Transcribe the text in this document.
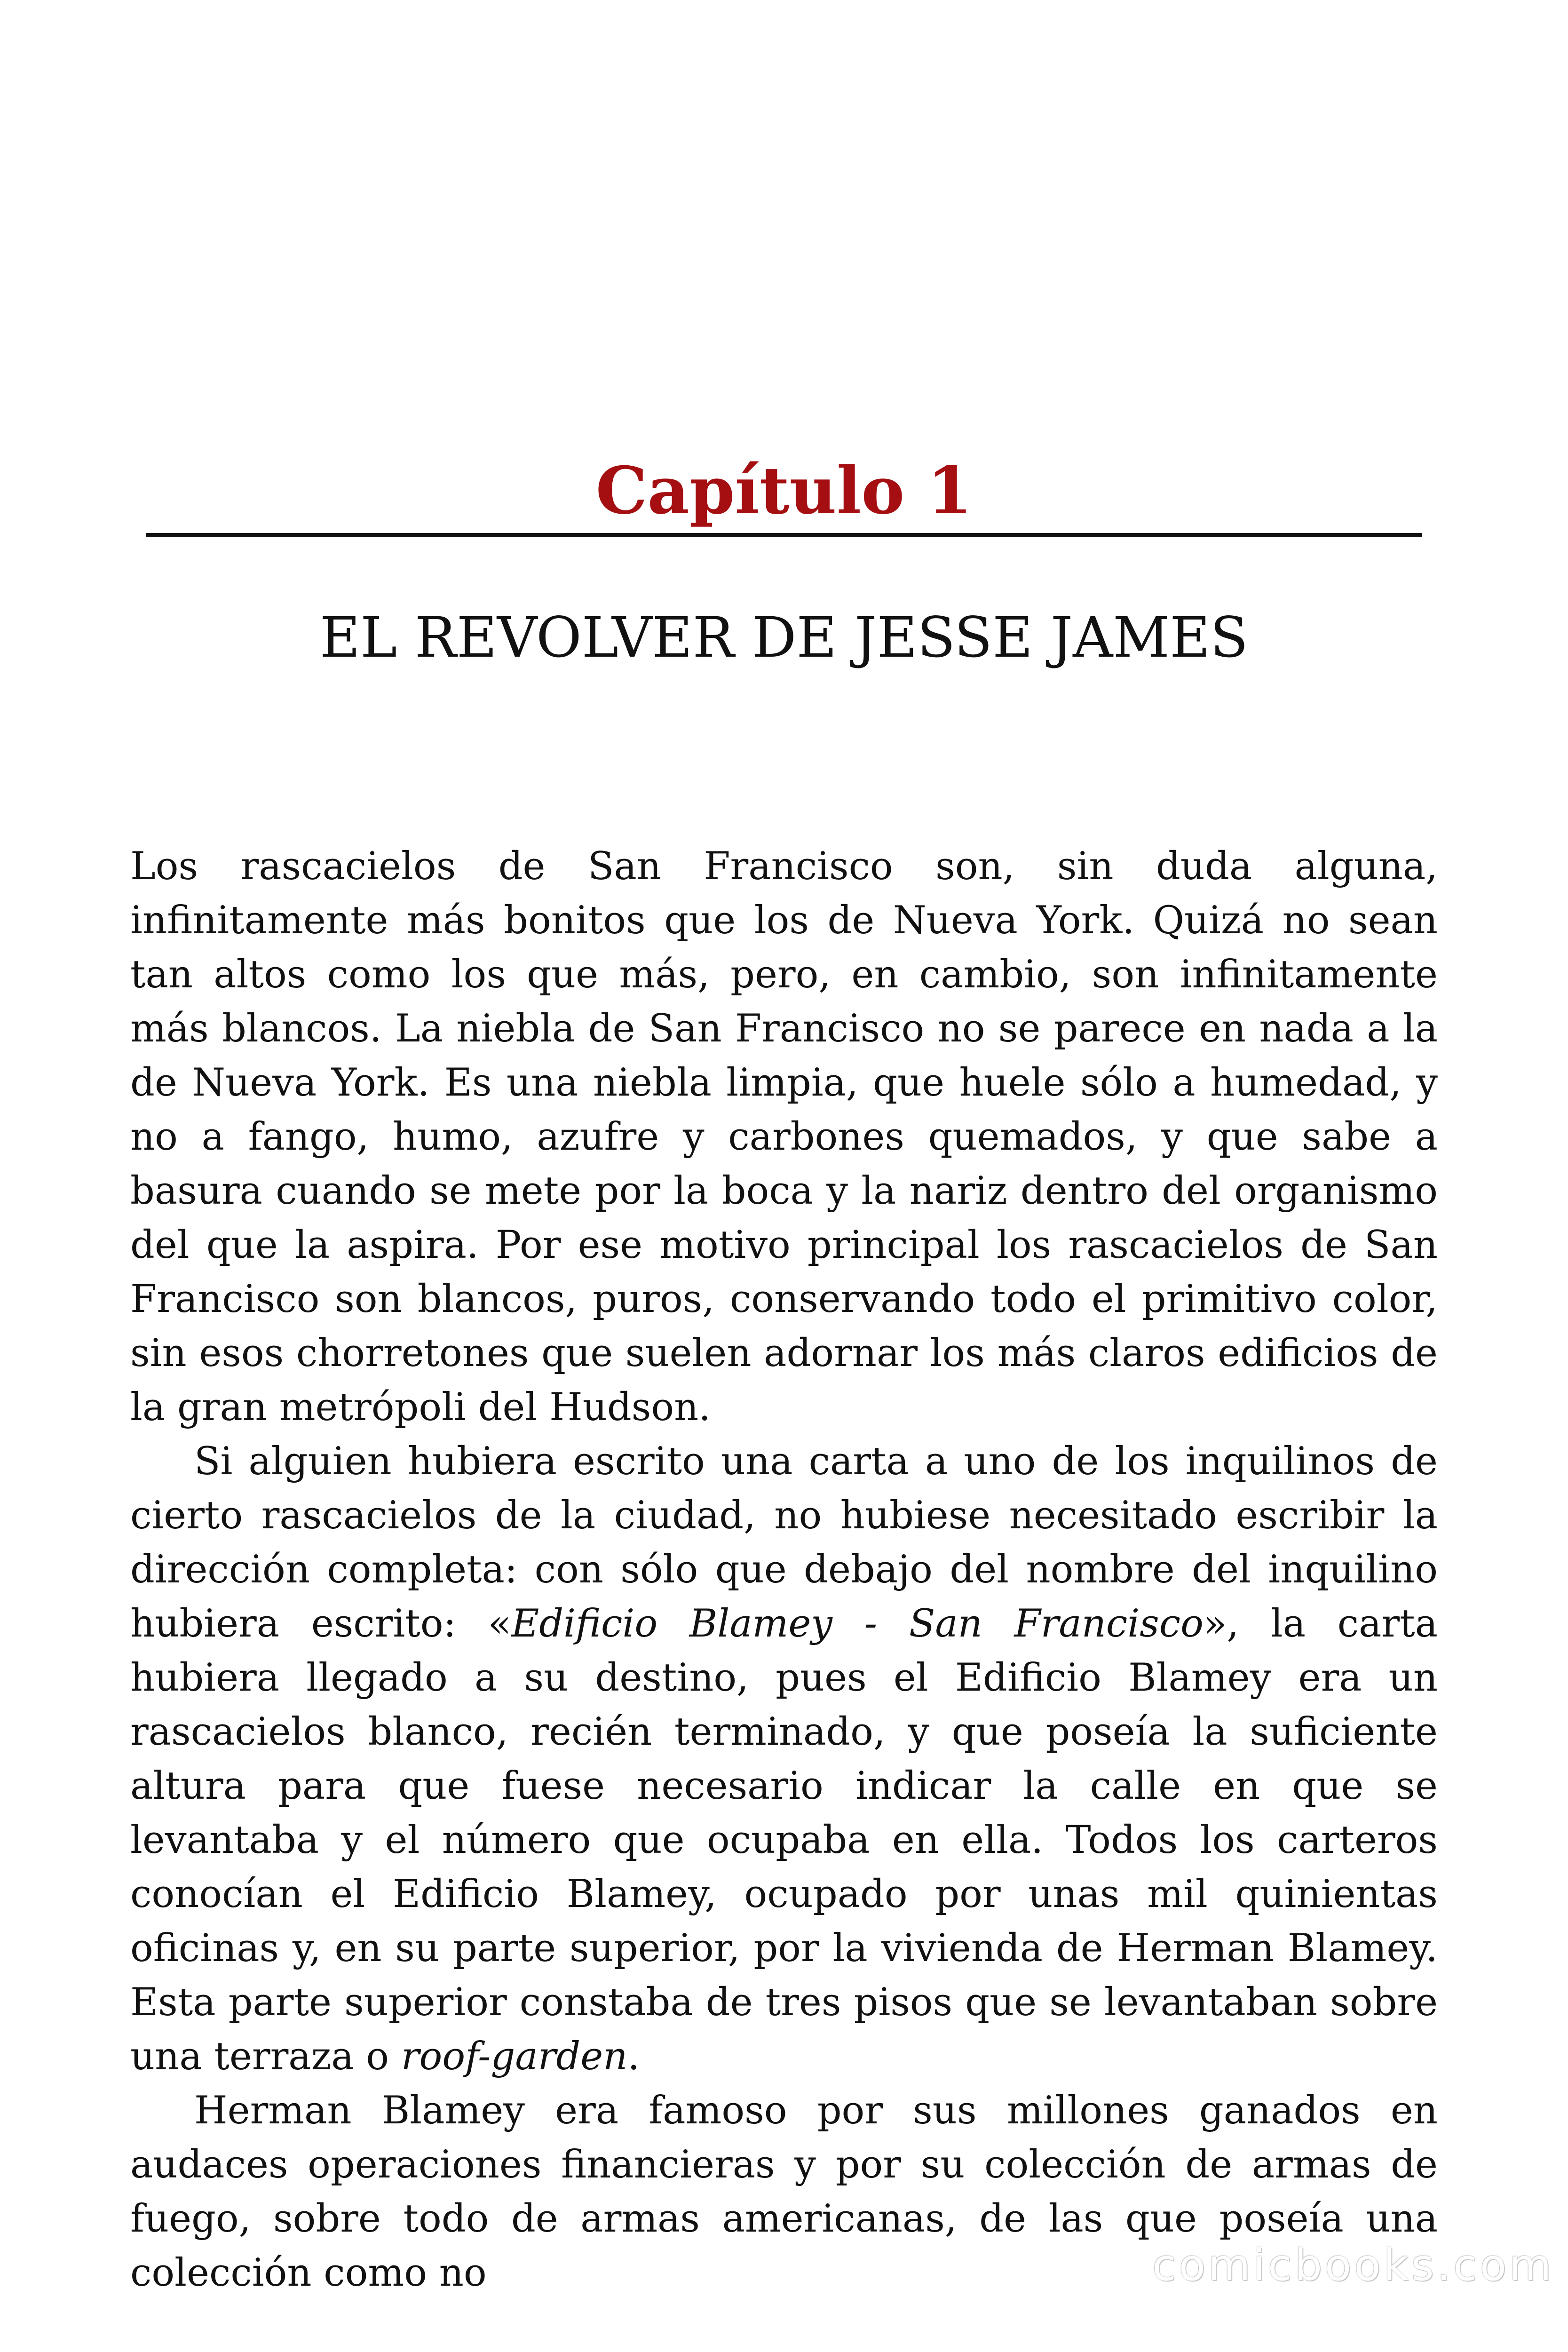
Capítulo 1
EL REVOLVER DE JESSE JAMES

Los rascacielos de San Francisco son, sin duda alguna, infinitamente más bonitos que los de Nueva York. Quizá no sean tan altos como los que más, pero, en cambio, son infinitamente más blancos. La niebla de San Francisco no se parece en nada a la de Nueva York. Es una niebla limpia, que huele sólo a humedad, y no a fango, humo, azufre y carbones quemados, y que sabe a basura cuando se mete por la boca y la nariz dentro del organismo del que la aspira. Por ese motivo principal los rascacielos de San Francisco son blancos, puros, conservando todo el primitivo color, sin esos chorretones que suelen adornar los más claros edificios de la gran metrópoli del Hudson.

Si alguien hubiera escrito una carta a uno de los inquilinos de cierto rascacielos de la ciudad, no hubiese necesitado escribir la dirección completa: con sólo que debajo del nombre del inquilino hubiera escrito: «Edificio Blamey - San Francisco», la carta hubiera llegado a su destino, pues el Edificio Blamey era un rascacielos blanco, recién terminado, y que poseía la suficiente altura para que fuese necesario indicar la calle en que se levantaba y el número que ocupaba en ella. Todos los carteros conocían el Edificio Blamey, ocupado por unas mil quinientas oficinas y, en su parte superior, por la vivienda de Herman Blamey. Esta parte superior constaba de tres pisos que se levantaban sobre una terraza o roof-garden.

Herman Blamey era famoso por sus millones ganados en audaces operaciones financieras y por su colección de armas de fuego, sobre todo de armas americanas, de las que poseía una colección como no	comicbooks.com
